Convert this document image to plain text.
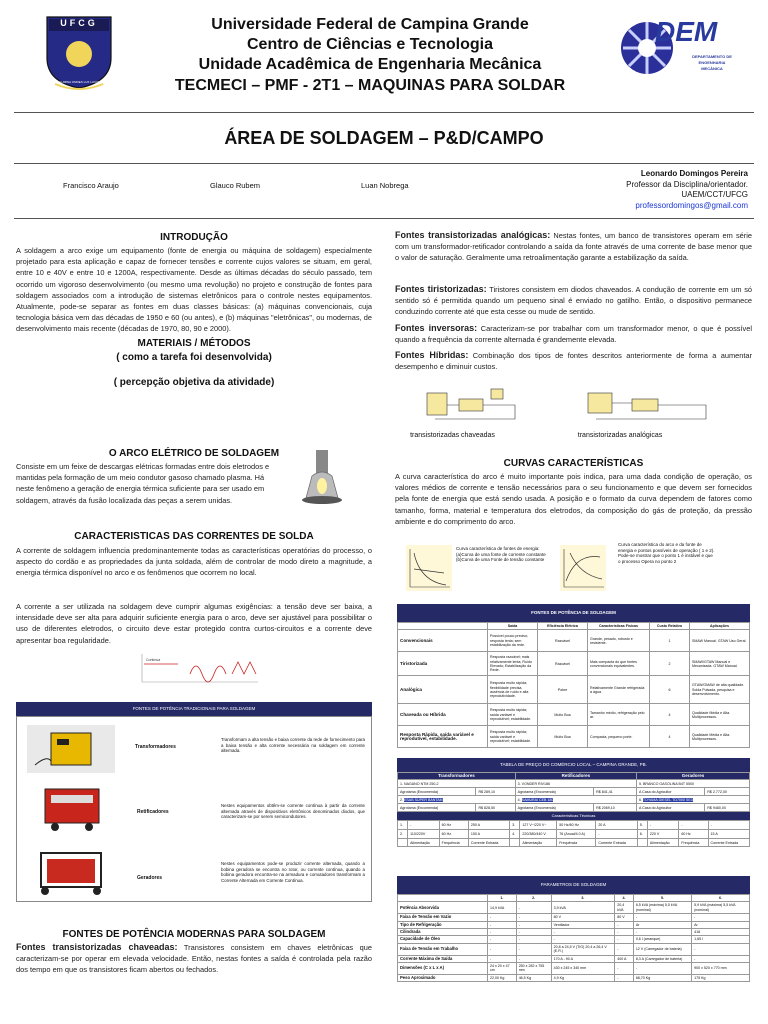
UFCG
ILUMINA OMNES LUX LUCIS
Universidade Federal de Campina Grande
Centro de Ciências e Tecnologia
Unidade Acadêmica de Engenharia Mecânica
TECMECI – PMF - 2T1 – MAQUINAS PARA SOLDAR
DEM
DEPARTAMENTO DE
ENGENHARIA
MECÂNICA
ÁREA DE SOLDAGEM – P&D/CAMPO
Francisco Araujo	Glauco Rubem	Luan Nobrega
Leonardo Domingos Pereira
Professor da Disciplina/orientador.
UAEM/CCT/UFCG
professordomingos@gmail.com
INTRODUÇÃO
A soldagem a arco exige um equipamento (fonte de energia ou máquina de soldagem) especialmente projetado para esta aplicação e capaz de fornecer tensões e corrente cujos valores se situam, em geral, entre 10 e 40V e entre 10 e 1200A, respectivamente. Desde as últimas décadas do século passado, tem ocorrido um vigoroso desenvolvimento (ou mesmo uma revolução) no projeto e construção de fontes para soldagem associados com a introdução de sistemas eletrônicos para o controle nestes equipamentos. Atualmente, pode-se separar as fontes em duas classes básicas: (a) máquinas convencionais, cuja tecnologia básica vem das décadas de 1950 e 60 (ou antes), e (b) máquinas "eletrônicas", ou modernas, de desenvolvimento mais recente (décadas de 1970, 80, 90 e 2000).
MATERIAIS / MÉTODOS
( como a tarefa foi desenvolvida)
( percepção objetiva da atividade)
O ARCO ELÉTRICO DE SOLDAGEM
Consiste em um feixe de descargas elétricas formadas entre dois eletrodos e mantidas pela formação de um meio condutor gasoso chamado plasma. Há neste fenômeno a geração de energia térmica suficiente para ser usado em soldagem, através da fusão localizada das peças a serem unidas.
CARACTERISTICAS DAS CORRENTES DE SOLDA
A corrente de soldagem influencia predominantemente todas as características operatórias do processo, o aspecto do cordão e as propriedades da junta soldada, além de controlar de modo direto a magnitude, a energia térmica disponível no arco e os fenômenos que ocorrem no local.
A corrente a ser utilizada na soldagem deve cumprir algumas exigências: a tensão deve ser baixa, a intensidade deve ser alta para adquirir suficiente energia para o arco, deve ser ajustável para possibilitar o uso de diferentes eletrodos, o circuito deve estar protegido contra curtos-circuitos e a corrente deve apresentar boa regularidade.
Contínua
FONTES DE POTÊNCIA TRADICIONAIS PARA SOLDAGEM
Transformadores
Transformam a alta tensão e baixa corrente da rede de fornecimento para a baixa tensão e alta corrente necessária na soldagem em corrente alternada.
Retificadores
Nestes equipamentos obtêm-se corrente contínua à partir da corrente alternada através de dispositivos eletrônicos denominados diodos, que caracterizam-se por serem semicondutores.
Geradores
Nestes equipamentos pode-se produzir corrente alternada, quando a bobina geradora se encontra no rotor, ou corrente contínua, quando a bobina geradora encontra-se na armadura e comutadores transformam a Corrente Alternada em Corrente Contínua.
FONTES DE POTÊNCIA MODERNAS PARA SOLDAGEM
Fontes transistorizadas chaveadas: Transistores consistem em chaves eletrônicas que caracterizam-se por operar em elevada velocidade. Então, nestas fontes a saída é controlada pela razão dos tempo em que os transistores ficam abertos ou fechados.
Fontes transistorizadas analógicas: Nestas fontes, um banco de transistores operam em série com um transformador-retificador controlando a saída da fonte através de uma corrente de base menor que o valor de saturação. Geralmente uma retroalimentação garante a estabilização da saída.
Fontes tiristorizadas: Tiristores consistem em diodos chaveados. A condução de corrente em um só sentido só é permitida quando um pequeno sinal é enviado no gatilho. Então, o dispositivo permanece conduzindo corrente até que esta cesse ou mude de sentido.
Fontes inversoras: Caracterizam-se por trabalhar com um transformador menor, o que é possível quando a frequência da corrente alternada é grandemente elevada.
Fontes Híbridas: Combinação dos tipos de fontes descritos anteriormente de forma a aumentar desempenho e diminuir custos.
transistorizadas chaveadas	transistorizadas analógicas
CURVAS CARACTERÍSTICAS
A curva característica do arco é muito importante pois indica, para uma dada condição de operação, os valores médios de corrente e tensão necessários para o seu funcionamento e que devem ser fornecidos pela fonte de energia que está sendo usada. A posição e o formato da curva dependem de fatores como tamanho, forma, material e temperatura dos eletrodos, da composição do gás de proteção, da pressão ambiente e do comprimento do arco.
Curva característica de fontes de energia: (a)Curva de uma fonte de corrente constante (b)Curva de uma Fonte de tensão constante
Curva característica do arco e da fonte de energia e pontos possíveis de operação ( 1 e 2). Pode-se mostrar que o ponto 1 é instável e que o processo Opera no ponto 2
FONTES DE POTÊNCIA DE SOLDAGEM
	Saída	Eficiência Elétrica	Características Físicas	Custo Relativo	Aplicações
Convencionais	Possível pouco preciso; resposta lenta; sem estabilização da rede.	Razoável	Grande, pesado, robusto e resistente.	1	SMAW Manual. GTAW Uso Geral.
Tiristorizada	Resposta razoável; mais relativamente lenta; Ruído Elevado; Estabilização da Rede.	Razoável	Mais compacta do que fontes convencionais equivalentes.	2	SMAW/GTAW Manual e Mecanizada. GTAW Manual.
Analógica	Resposta muito rápida; flexibilidade precisa, ausência de ruído e alta reprodutividade.	Pobre	Relativamente Grande refrigerada a água.	6	GTAW/GMAW de alta qualidade. Solda Pulsada, pesquisa e desenvolvimento.
Chaveada ou Híbrida	Resposta muito rápida; saída variável e reprodutível; estabilidade.	Muito Boa	Tamanho médio, refrigeração pelo ar.	4	Qualidade Média e Alta. Multiprocessos.
Resposta Rápida, saída variável e reprodutível, estabilidade.	Resposta muito rápida; saída variável e reprodutível; estabilidade.	Muito Boa	Compacta, pequeno porte.	4	Qualidade Média e Alta. Multiprocessos.
TABELA DE PREÇO DO COMÉRCIO LOCAL – CAMPINA GRANDE, PB.
Transformadores		Retificadores		Geradores	
1. NAGANO NTM 250-2		3. VONDER RIV186		5. BRANCO GASOLINA B4T 5500	
Agrotama (Encomenda)	R$ 289,10	Agrotama (Encomenda)	R$ 841,41	A Casa do Agricultor	R$ 2.772,00
2. ESAB SUPER BANTAM		4. SAMURAI CEB 180		6. TOYAMA DIESEL TD7000 SE3	
Agrotama (Encomenda)	R$ 828,50	Agrotama (Encomenda)	R$ 2069,10	A Casa do Agricultor	R$ 9480,00
Características Técnicas
1.	-	60 Hz	250 A	3.	127 V~/220 V~	50 Hz/60 Hz	20 A	5.	-	-	-
2.	110/220V	60 Hz	150 A	4.	220/380/440 V	76 (Anual/4.0 A)	-	6.	220 V	60 Hz	15 A
	Alimentação	Frequência	Corrente Entrada		Alimentação	Frequência	Corrente Entrada		Alimentação	Frequência	Corrente Entrada
PARAMETROS DE SOLDAGEM
	1.	2.	3.	4.	5.	6.
Potência Absorvida	14,9 kVA	-	3,9 kVA	20,4 kVA	6,5 kVA (máxima) 5,5 kVA (nominal)	5,9 kVA (máxima) 5,5 kVA (nominal)
Faixa de Tensão em Vazio	-	-	80 V	80 V	-	-
Tipo de Refrigeração	-	-	Ventilador	-	Ar	Ar
Cilindrada	-	-	-	-	-	418
Capacidade de Óleo	-	-	-	-	0,6 l (arranque)	1,65 l
Faixa de Tensão em Trabalho	-	-	20,8 a 24,5 V (TIG) 20,4 a 26,4 V (E.R.)	-	12 V (Carregador de bateria)	-
Corrente Máxima de Saída	-	-	170 A - 90 A	400 A	8,3 A (Carregador de bateria)	-
Dimensões (C x L x A)	24 x 20 x 47 cm	250 x 282 x 755 mm	430 x 245 x 340 mm	-	-	900 x 520 x 770 mm
Peso Aproximado	22,00 Kg	46,5 Kg	4,9 Kg	-	68,70 Kg	175 Kg
